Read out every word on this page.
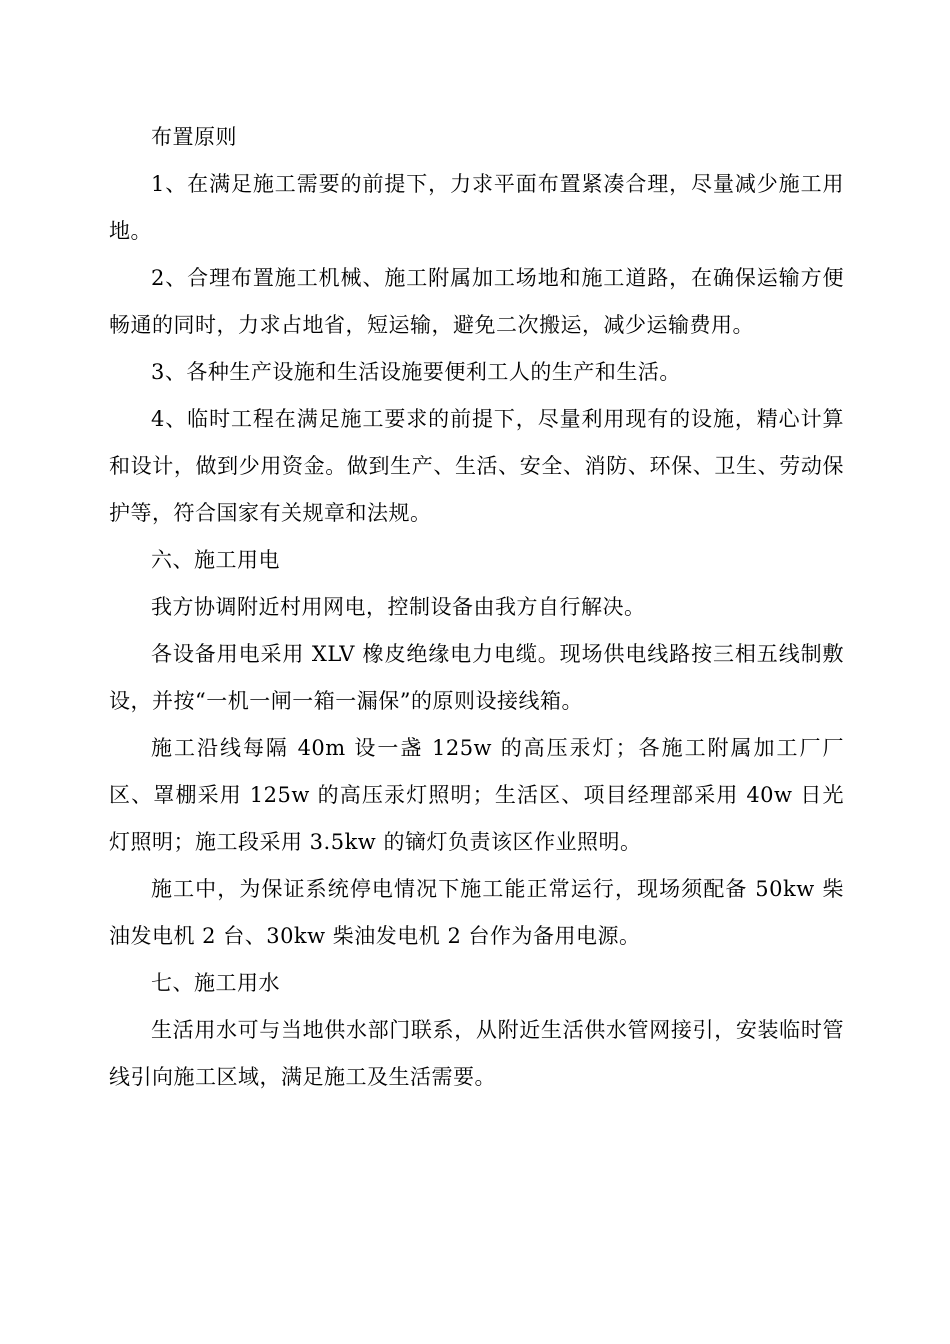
布置原则

1、在满足施工需要的前提下，力求平面布置紧凑合理，尽量减少施工用地。

2、合理布置施工机械、施工附属加工场地和施工道路，在确保运输方便畅通的同时，力求占地省，短运输，避免二次搬运，减少运输费用。

3、各种生产设施和生活设施要便利工人的生产和生活。

4、临时工程在满足施工要求的前提下，尽量利用现有的设施，精心计算和设计，做到少用资金。做到生产、生活、安全、消防、环保、卫生、劳动保护等，符合国家有关规章和法规。

六、施工用电

我方协调附近村用网电，控制设备由我方自行解决。

各设备用电采用 XLV 橡皮绝缘电力电缆。现场供电线路按三相五线制敷设，并按“一机一闸一箱一漏保”的原则设接线箱。

施工沿线每隔 40m 设一盏 125w 的高压汞灯；各施工附属加工厂厂区、罩棚采用 125w 的高压汞灯照明；生活区、项目经理部采用 40w 日光灯照明；施工段采用 3.5kw 的镝灯负责该区作业照明。

施工中，为保证系统停电情况下施工能正常运行，现场须配备 50kw 柴油发电机 2 台、30kw 柴油发电机 2 台作为备用电源。

七、施工用水

生活用水可与当地供水部门联系，从附近生活供水管网接引，安装临时管线引向施工区域，满足施工及生活需要。
